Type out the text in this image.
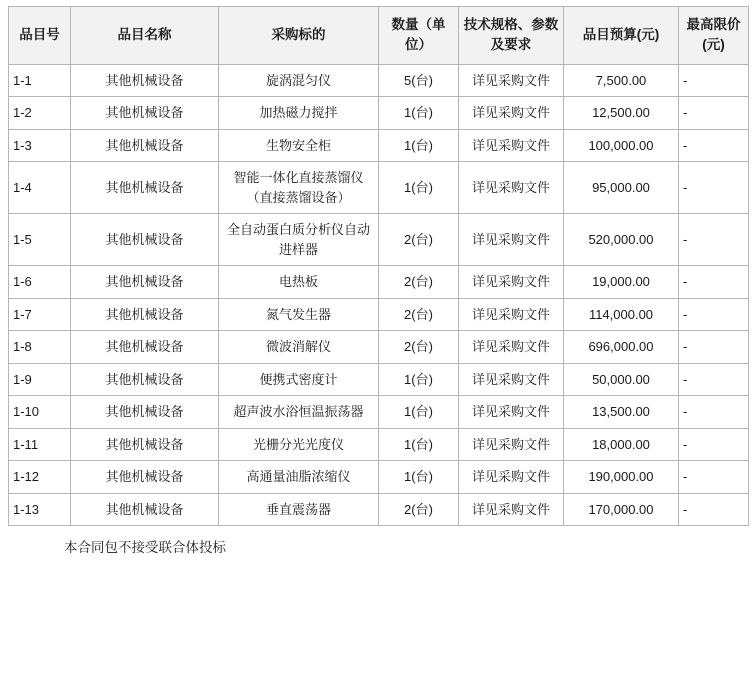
品目号	品目名称	采购标的	数量（单位）	技术规格、参数及要求	品目预算(元)	最高限价(元)
1-1	其他机械设备	旋涡混匀仪	5(台)	详见采购文件	7,500.00	-
1-2	其他机械设备	加热磁力搅拌	1(台)	详见采购文件	12,500.00	-
1-3	其他机械设备	生物安全柜	1(台)	详见采购文件	100,000.00	-
1-4	其他机械设备	智能一体化直接蒸馏仪（直接蒸馏设备）	1(台)	详见采购文件	95,000.00	-
1-5	其他机械设备	全自动蛋白质分析仪自动进样器	2(台)	详见采购文件	520,000.00	-
1-6	其他机械设备	电热板	2(台)	详见采购文件	19,000.00	-
1-7	其他机械设备	氮气发生器	2(台)	详见采购文件	114,000.00	-
1-8	其他机械设备	微波消解仪	2(台)	详见采购文件	696,000.00	-
1-9	其他机械设备	便携式密度计	1(台)	详见采购文件	50,000.00	-
1-10	其他机械设备	超声波水浴恒温振荡器	1(台)	详见采购文件	13,500.00	-
1-11	其他机械设备	光栅分光光度仪	1(台)	详见采购文件	18,000.00	-
1-12	其他机械设备	高通量油脂浓缩仪	1(台)	详见采购文件	190,000.00	-
1-13	其他机械设备	垂直震荡器	2(台)	详见采购文件	170,000.00	-
本合同包不接受联合体投标
